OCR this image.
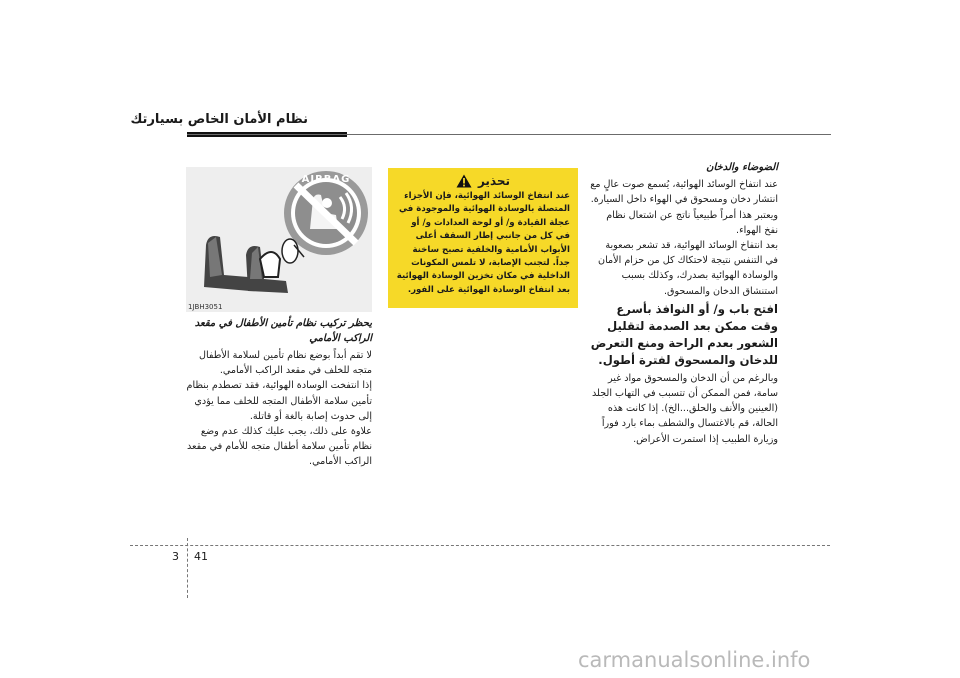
نظام الأمان الخاص بسيارتك
الضوضاء والدخان
عند انتفاخ الوسائد الهوائية، يُسمع صوت عالٍ مع انتشار دخان ومسحوق في الهواء داخل السيارة. ويعتبر هذا أمراً طبيعياً ناتج عن اشتعال نظام نفخ الهواء.
بعد انتفاخ الوسائد الهوائية، قد تشعر بصعوبة في التنفس نتيجة لاحتكاك كل من حزام الأمان والوسادة الهوائية بصدرك، وكذلك بسبب استنشاق الدخان والمسحوق.
افتح باب و/ أو النوافذ بأسرع وقت ممكن بعد الصدمة لتقليل الشعور بعدم الراحة ومنع التعرض للدخان والمسحوق لفترة أطول.
وبالرغم من أن الدخان والمسحوق مواد غير سامة، فمن الممكن أن تتسبب في التهاب الجلد (العينين والأنف والحلق...الخ). إذا كانت هذه الحالة، قم بالاغتسال والشطف بماء بارد فوراً وزيارة الطبيب إذا استمرت الأعراض.
تحذير
عند انتفاخ الوسائد الهوائية، فإن الأجزاء المتصلة بالوسادة الهوائية والموجودة في عجلة القيادة و/ أو لوحة العدادات و/ أو في كل من جانبي إطار السقف أعلى الأبواب الأمامية والخلفية تصبح ساخنة جداً. لتجنب الإصابة، لا تلمس المكونات الداخلية في مكان تخزين الوسادة الهوائية بعد انتفاخ الوسادة الهوائية على الفور.
AIRBAG
1JBH3051
يحظر تركيب نظام تأمين الأطفال في مقعد الراكب الأمامي
لا تقم أبداً بوضع نظام تأمين لسلامة الأطفال متجه للخلف في مقعد الراكب الأمامي.
إذا انتفخت الوسادة الهوائية، فقد تصطدم بنظام تأمين سلامة الأطفال المتجه للخلف مما يؤدي إلى حدوث إصابة بالغة أو قاتلة.
علاوة على ذلك، يجب عليك كذلك عدم وضع نظام تأمين سلامة أطفال متجه للأمام في مقعد الراكب الأمامي.
3 41
carmanualsonline.info
